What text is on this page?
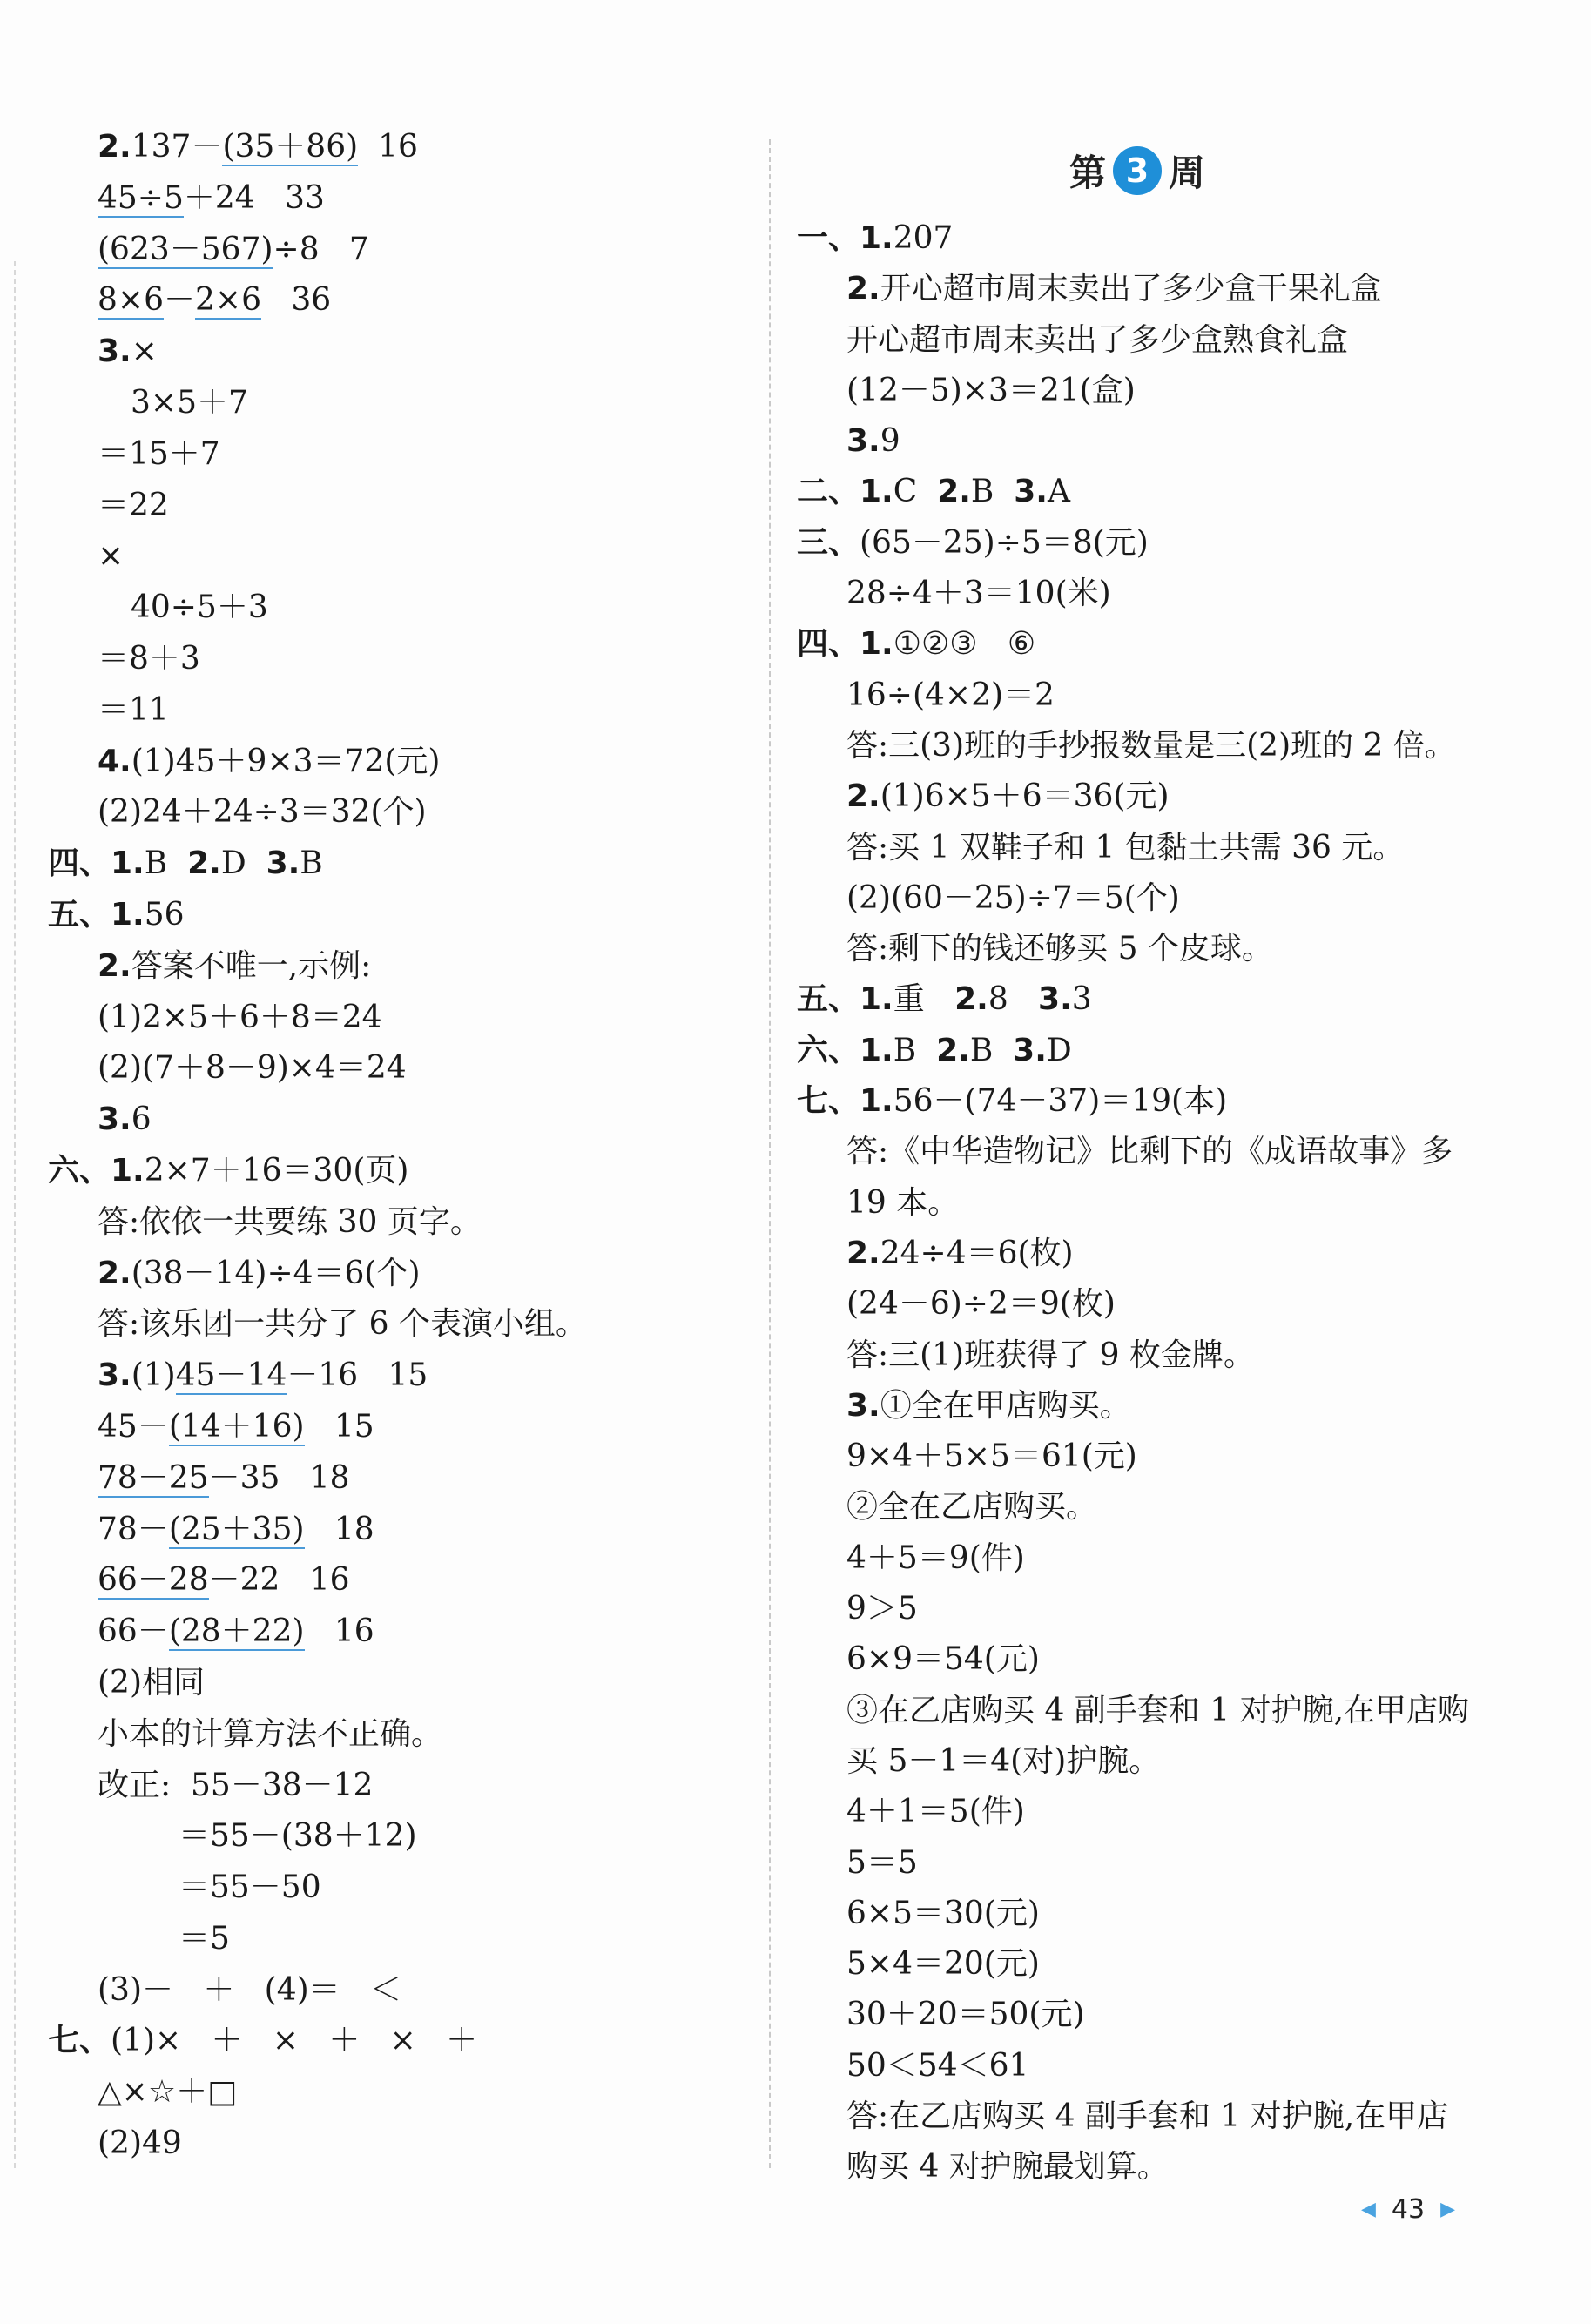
第 3 周
2.137－(35＋86)  16
45÷5＋24   33
(623－567)÷8   7
8×6－2×6   36
3.×
3×5＋7
＝15＋7
＝22
×
40÷5＋3
＝8＋3
＝11
4.(1)45＋9×3＝72(元)
(2)24＋24÷3＝32(个)
四、1.B  2.D  3.B
五、1.56
2.答案不唯一,示例:
(1)2×5＋6＋8＝24
(2)(7＋8－9)×4＝24
3.6
六、1.2×7＋16＝30(页)
答:依依一共要练 30 页字。
2.(38－14)÷4＝6(个)
答:该乐团一共分了 6 个表演小组。
3.(1)45－14－16   15
45－(14＋16)   15
78－25－35   18
78－(25＋35)   18
66－28－22   16
66－(28＋22)   16
(2)相同
小本的计算方法不正确。
改正:  55－38－12
＝55－(38＋12)
＝55－50
＝5
(3)－   ＋   (4)＝   ＜
七、(1)×   ＋   ×   ＋   ×   ＋
△×☆＋□
(2)49
一、1.207
2.开心超市周末卖出了多少盒干果礼盒
开心超市周末卖出了多少盒熟食礼盒
(12－5)×3＝21(盒)
3.9
二、1.C  2.B  3.A
三、(65－25)÷5＝8(元)
28÷4＋3＝10(米)
四、1.①②③   ⑥
16÷(4×2)＝2
答:三(3)班的手抄报数量是三(2)班的 2 倍。
2.(1)6×5＋6＝36(元)
答:买 1 双鞋子和 1 包黏土共需 36 元。
(2)(60－25)÷7＝5(个)
答:剩下的钱还够买 5 个皮球。
五、1.重   2.8   3.3
六、1.B  2.B  3.D
七、1.56－(74－37)＝19(本)
答:《中华造物记》比剩下的《成语故事》多
19 本。
2.24÷4＝6(枚)
(24－6)÷2＝9(枚)
答:三(1)班获得了 9 枚金牌。
3.①全在甲店购买。
9×4＋5×5＝61(元)
②全在乙店购买。
4＋5＝9(件)
9＞5
6×9＝54(元)
③在乙店购买 4 副手套和 1 对护腕,在甲店购
买 5－1＝4(对)护腕。
4＋1＝5(件)
5＝5
6×5＝30(元)
5×4＝20(元)
30＋20＝50(元)
50＜54＜61
答:在乙店购买 4 副手套和 1 对护腕,在甲店
购买 4 对护腕最划算。
◀ 43 ▶
